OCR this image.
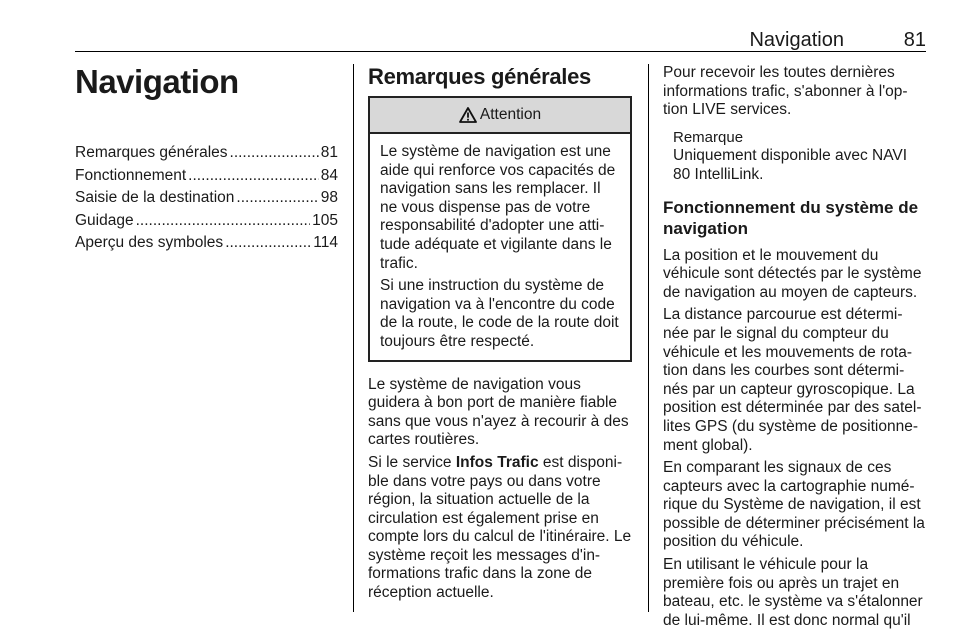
Navigation	81
Navigation
Remarques générales .....	81
Fonctionnement .....	84
Saisie de la destination .....	98
Guidage .....	105
Aperçu des symboles .....	114
Remarques générales
Attention

Le système de navigation est une aide qui renforce vos capacités de navigation sans les remplacer. Il ne vous dispense pas de votre responsabilité d'adopter une atti-tude adéquate et vigilante dans le trafic.

Si une instruction du système de navigation va à l'encontre du code de la route, le code de la route doit toujours être respecté.

Le système de navigation vous guidera à bon port de manière fiable sans que vous n'ayez à recourir à des cartes routières.

Si le service Infos Trafic est disponi-ble dans votre pays ou dans votre région, la situation actuelle de la circulation est également prise en compte lors du calcul de l'itinéraire. Le système reçoit les messages d'in-formations trafic dans la zone de réception actuelle.

Pour recevoir les toutes dernières informations trafic, s'abonner à l'op-tion LIVE services.

Remarque
Uniquement disponible avec NAVI 80 IntelliLink.
Fonctionnement du système de navigation

La position et le mouvement du véhicule sont détectés par le système de navigation au moyen de capteurs.

La distance parcourue est détermi-née par le signal du compteur du véhicule et les mouvements de rota-tion dans les courbes sont détermi-nés par un capteur gyroscopique. La position est déterminée par des satel-lites GPS (du système de positionne-ment global).

En comparant les signaux de ces capteurs avec la cartographie numé-rique du Système de navigation, il est possible de déterminer précisément la position du véhicule.

En utilisant le véhicule pour la première fois ou après un trajet en bateau, etc. le système va s'étalonner de lui-même. Il est donc normal qu'il
